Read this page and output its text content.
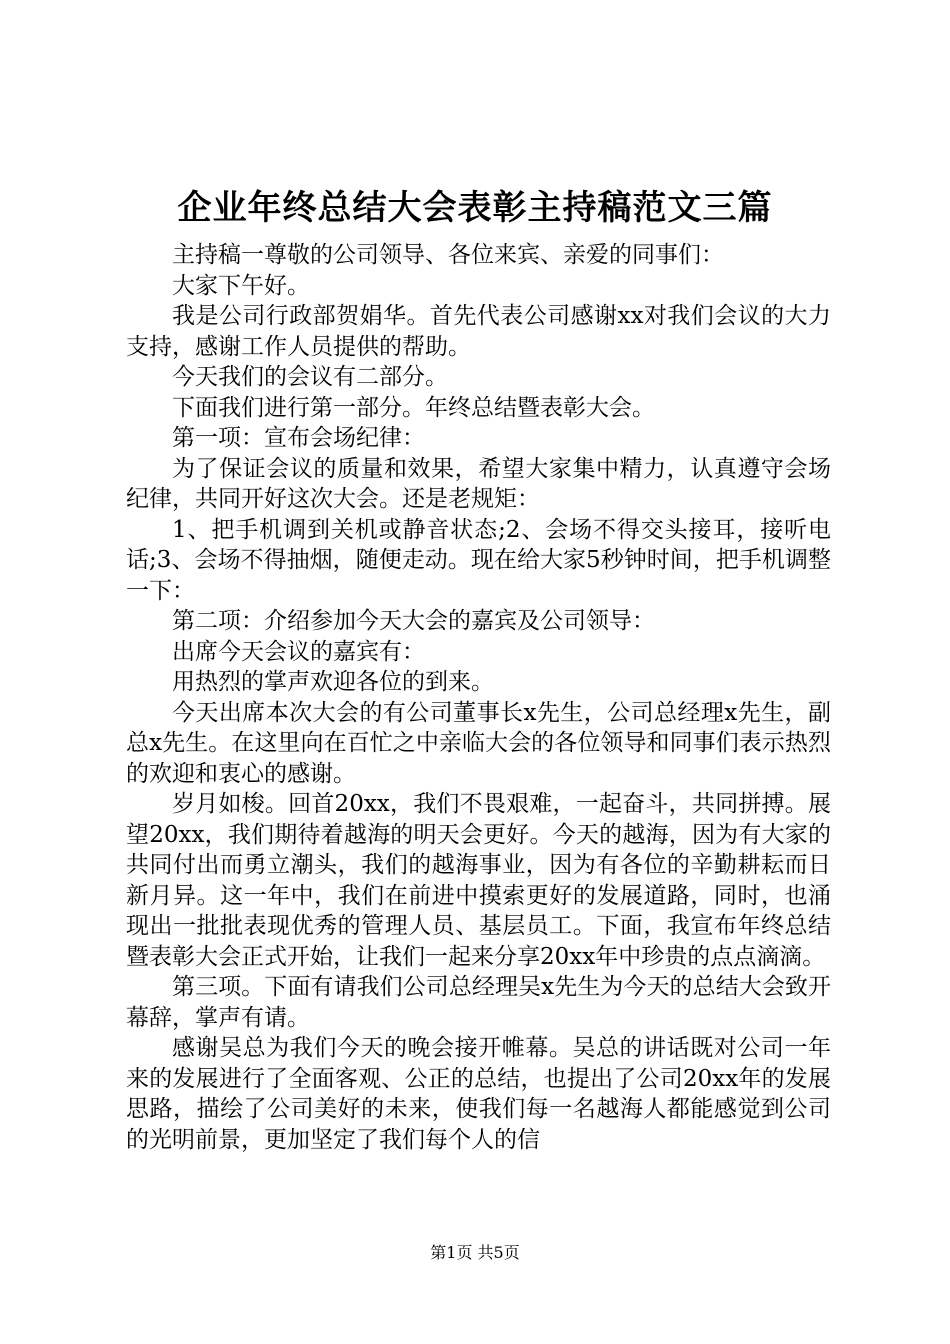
企业年终总结大会表彰主持稿范文三篇

主持稿一尊敬的公司领导、各位来宾、亲爱的同事们：

大家下午好。

我是公司行政部贺娟华。首先代表公司感谢xx对我们会议的大力支持，感谢工作人员提供的帮助。

今天我们的会议有二部分。

下面我们进行第一部分。年终总结暨表彰大会。

第一项：宣布会场纪律：

为了保证会议的质量和效果，希望大家集中精力，认真遵守会场纪律，共同开好这次大会。还是老规矩：

1、把手机调到关机或静音状态;2、会场不得交头接耳，接听电话;3、会场不得抽烟，随便走动。现在给大家5秒钟时间，把手机调整一下：

第二项：介绍参加今天大会的嘉宾及公司领导：

出席今天会议的嘉宾有：

用热烈的掌声欢迎各位的到来。

今天出席本次大会的有公司董事长x先生，公司总经理x先生，副总x先生。在这里向在百忙之中亲临大会的各位领导和同事们表示热烈的欢迎和衷心的感谢。

岁月如梭。回首20xx，我们不畏艰难，一起奋斗，共同拼搏。展望20xx，我们期待着越海的明天会更好。今天的越海，因为有大家的共同付出而勇立潮头，我们的越海事业，因为有各位的辛勤耕耘而日新月异。这一年中，我们在前进中摸索更好的发展道路，同时，也涌现出一批批表现优秀的管理人员、基层员工。下面，我宣布年终总结暨表彰大会正式开始，让我们一起来分享20xx年中珍贵的点点滴滴。

第三项。下面有请我们公司总经理吴x先生为今天的总结大会致开幕辞，掌声有请。

感谢吴总为我们今天的晚会接开帷幕。吴总的讲话既对公司一年来的发展进行了全面客观、公正的总结，也提出了公司20xx年的发展思路，描绘了公司美好的未来，使我们每一名越海人都能感觉到公司的光明前景，更加坚定了我们每个人的信

第1页 共5页
